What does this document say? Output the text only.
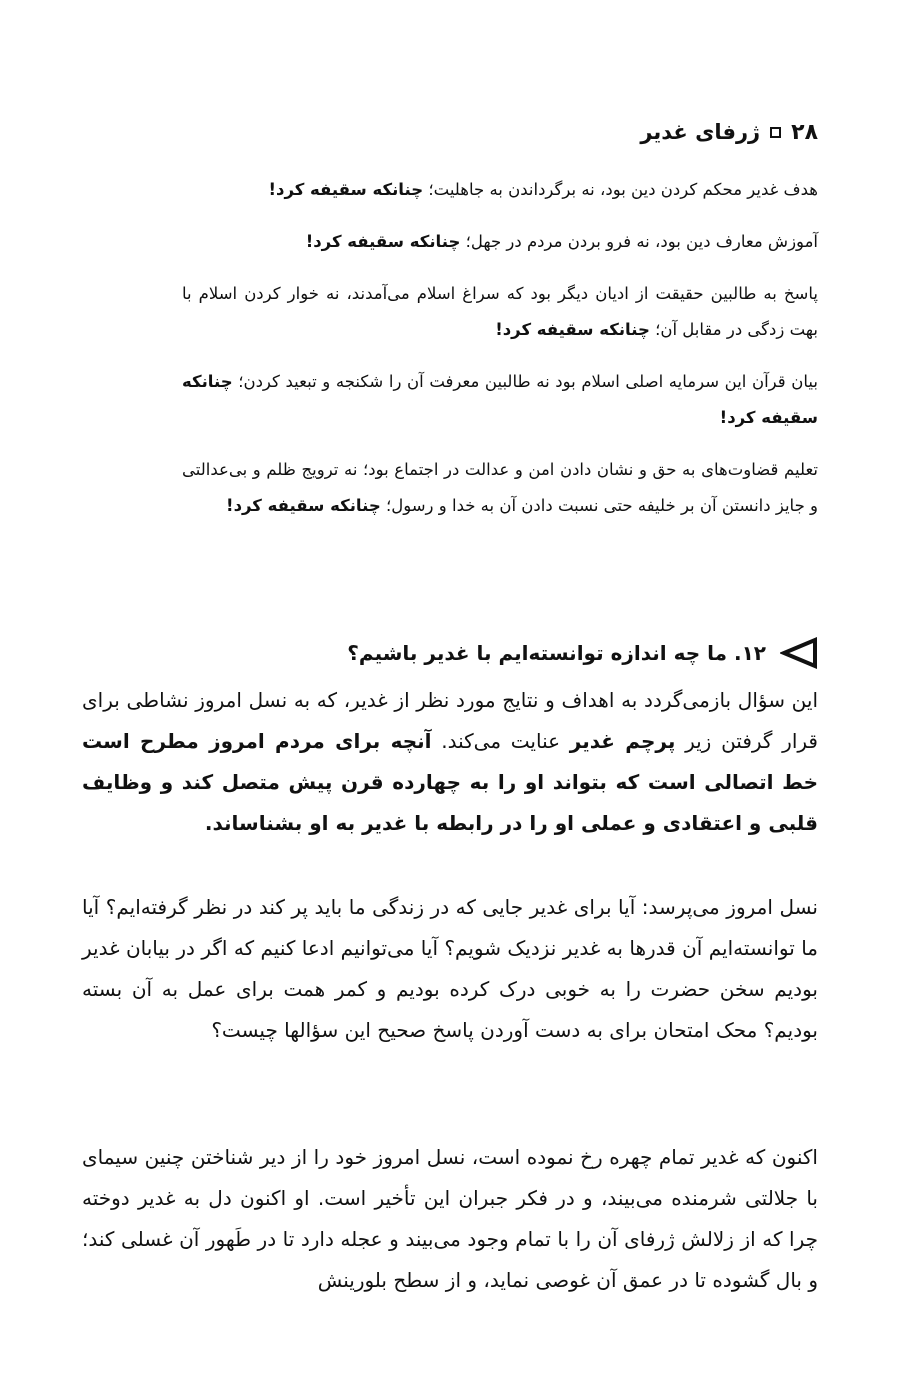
۲۸
ژرفای غدیر
هدف غدیر محکم کردن دین بود، نه برگرداندن به جاهلیت؛ چنانکه سقیفه کرد!
آموزش معارف دین بود، نه فرو بردن مردم در جهل؛ چنانکه سقیفه کرد!
پاسخ به طالبین حقیقت از ادیان دیگر بود که سراغ اسلام می‌آمدند، نه خوار کردن اسلام با بهت زدگی در مقابل آن؛ چنانکه سقیفه کرد!
بیان قرآن این سرمایه اصلی اسلام بود نه طالبین معرفت آن را شکنجه و تبعید کردن؛ چنانکه سقیفه کرد!
تعلیم قضاوت‌های به حق و نشان دادن امن و عدالت در اجتماع بود؛ نه ترویج ظلم و بی‌عدالتی و جایز دانستن آن بر خلیفه حتی نسبت دادن آن به خدا و رسول؛ چنانکه سقیفه کرد!
۱۲. ما چه اندازه توانسته‌ایم با غدیر باشیم؟

این سؤال بازمی‌گردد به اهداف و نتایج مورد نظر از غدیر، که به نسل امروز نشاطی برای قرار گرفتن زیر پرچم غدیر عنایت می‌کند. آنچه برای مردم امروز مطرح است خط اتصالی است که بتواند او را به چهارده قرن پیش متصل کند و وظایف قلبی و اعتقادی و عملی او را در رابطه با غدیر به او بشناساند.

نسل امروز می‌پرسد: آیا برای غدیر جایی که در زندگی ما باید پر کند در نظر گرفته‌ایم؟ آیا ما توانسته‌ایم آن قدرها به غدیر نزدیک شویم؟ آیا می‌توانیم ادعا کنیم که اگر در بیابان غدیر بودیم سخن حضرت را به خوبی درک کرده بودیم و کمر همت برای عمل به آن بسته بودیم؟ محک امتحان برای به دست آوردن پاسخ صحیح این سؤالها چیست؟

اکنون که غدیر تمام چهره رخ نموده است، نسل امروز خود را از دیر شناختن چنین سیمای با جلالتی شرمنده می‌بیند، و در فکر جبران این تأخیر است. او اکنون دل به غدیر دوخته چرا که از زلالش ژرفای آن را با تمام وجود می‌بیند و عجله دارد تا در طَهور آن غسلی کند؛ و بال گشوده تا در عمق آن غوصی نماید، و از سطح بلورینش
